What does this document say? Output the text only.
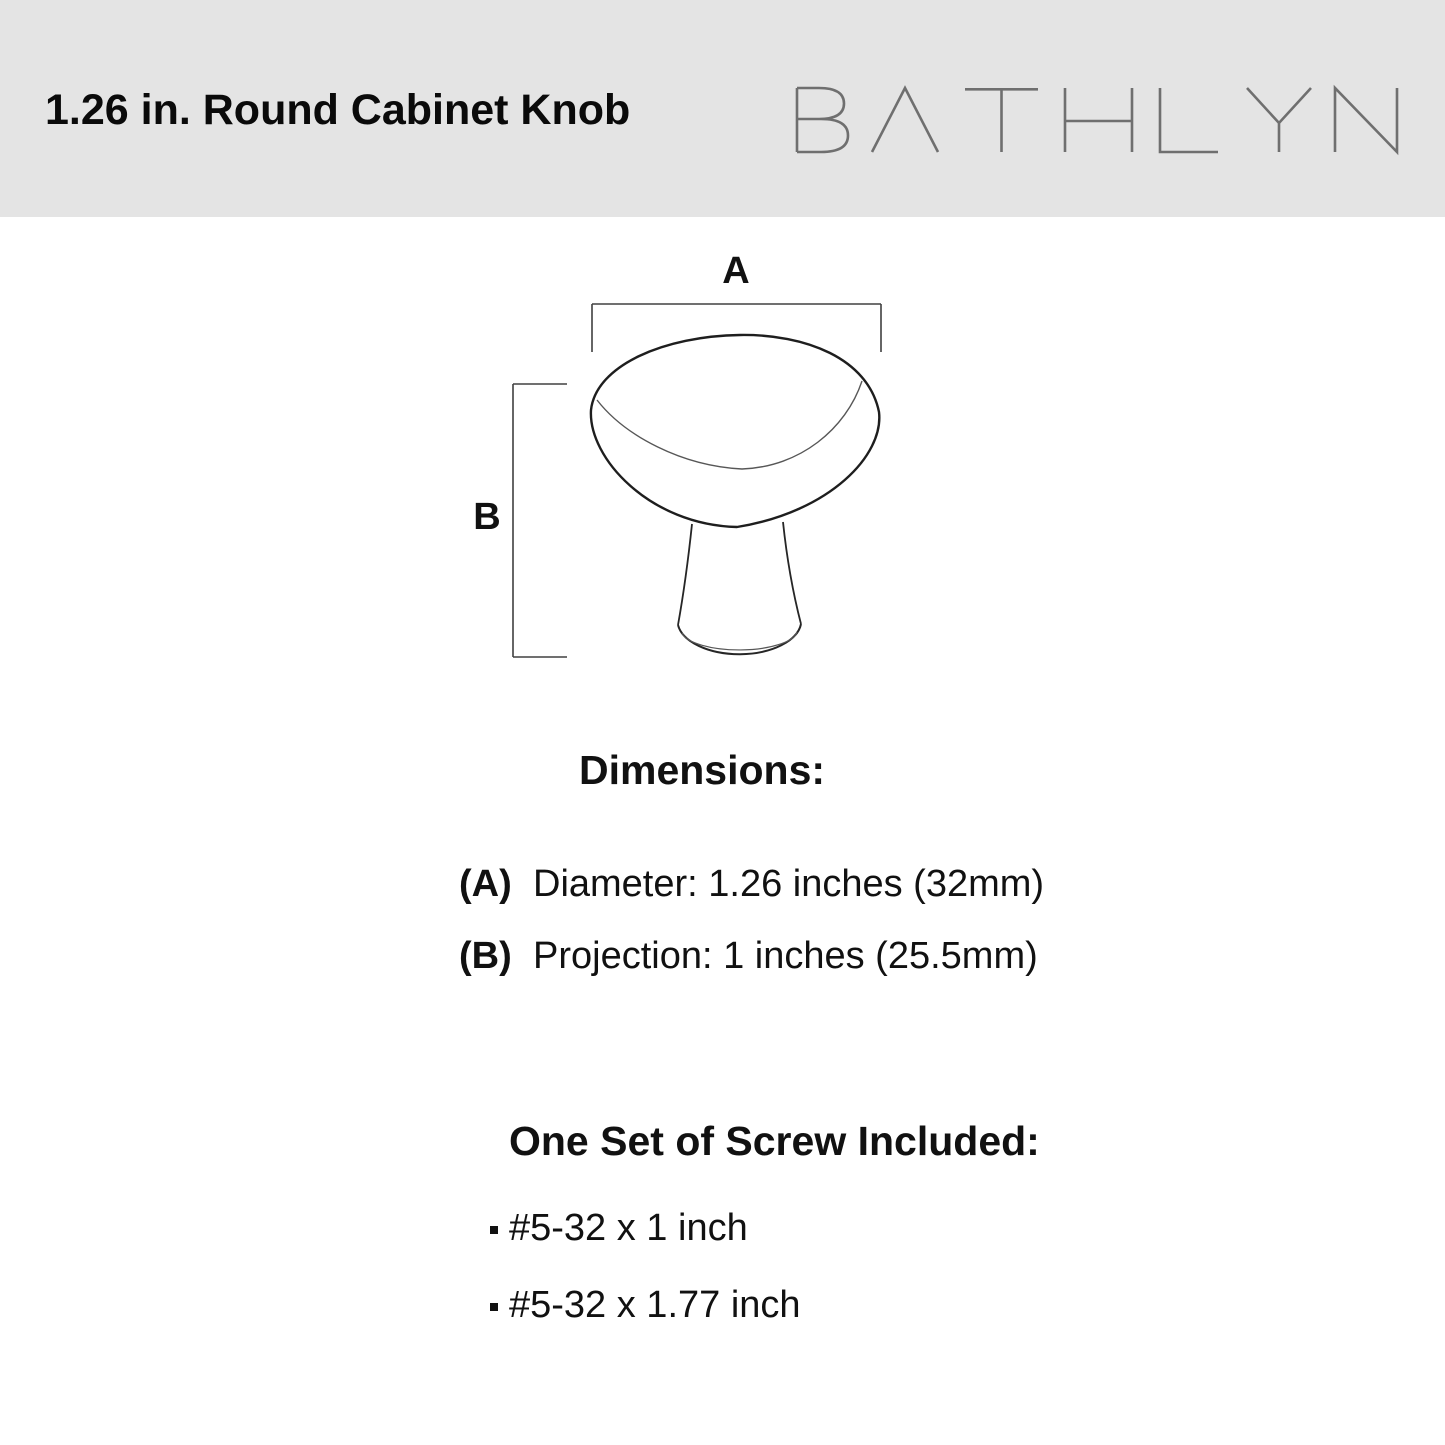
1.26 in. Round Cabinet Knob
A
B
Dimensions:
(A) Diameter: 1.26 inches (32mm)
(B) Projection: 1 inches (25.5mm)
One Set of Screw Included:
#5-32 x 1 inch
#5-32 x 1.77 inch
